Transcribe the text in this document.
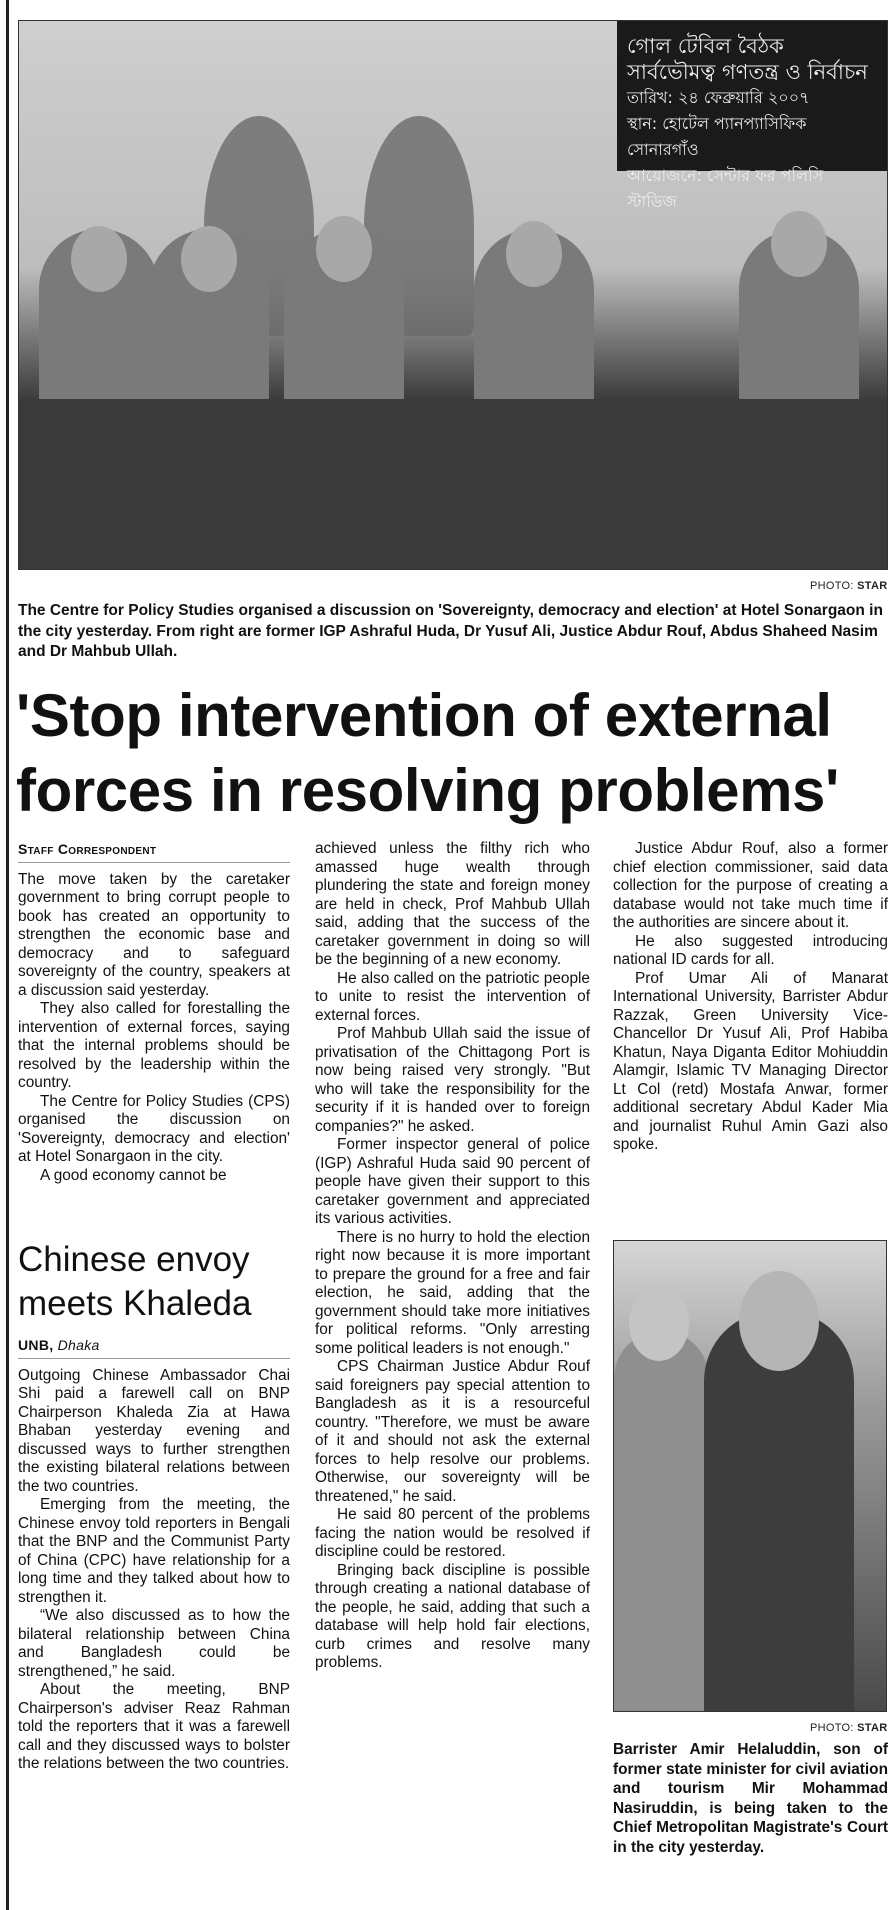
গোল টেবিল বৈঠক
সার্বভৌমত্ব গণতন্ত্র ও নির্বাচন
তারিখ: ২৪ ফেব্রুয়ারি ২০০৭
স্থান: হোটেল প্যানপ্যাসিফিক সোনারগাঁও
আয়োজনে: সেন্টার ফর পলিসি স্টাডিজ
PHOTO: STAR
The Centre for Policy Studies organised a discussion on 'Sovereignty, democracy and election' at Hotel Sonargaon in the city yesterday. From right are former IGP Ashraful Huda, Dr Yusuf Ali, Justice Abdur Rouf, Abdus Shaheed Nasim and Dr Mahbub Ullah.
'Stop intervention of external forces in resolving problems'

Staff Correspondent

The move taken by the caretaker government to bring corrupt people to book has created an opportunity to strengthen the economic base and democracy and to safeguard sovereignty of the country, speakers at a discussion said yesterday.

They also called for forestalling the intervention of external forces, saying that the internal problems should be resolved by the leadership within the country.

The Centre for Policy Studies (CPS) organised the discussion on 'Sovereignty, democracy and election' at Hotel Sonargaon in the city.

A good economy cannot be

achieved unless the filthy rich who amassed huge wealth through plundering the state and foreign money are held in check, Prof Mahbub Ullah said, adding that the success of the caretaker government in doing so will be the beginning of a new economy.

He also called on the patriotic people to unite to resist the intervention of external forces.

Prof Mahbub Ullah said the issue of privatisation of the Chittagong Port is now being raised very strongly. "But who will take the responsibility for the security if it is handed over to foreign companies?" he asked.

Former inspector general of police (IGP) Ashraful Huda said 90 percent of people have given their support to this caretaker government and appreciated its various activities.

There is no hurry to hold the election right now because it is more important to prepare the ground for a free and fair election, he said, adding that the government should take more initiatives for political reforms. "Only arresting some political leaders is not enough."

CPS Chairman Justice Abdur Rouf said foreigners pay special attention to Bangladesh as it is a resourceful country. "Therefore, we must be aware of it and should not ask the external forces to help resolve our problems. Otherwise, our sovereignty will be threatened," he said.

He said 80 percent of the problems facing the nation would be resolved if discipline could be restored.

Bringing back discipline is possible through creating a national database of the people, he said, adding that such a database will help hold fair elections, curb crimes and resolve many problems.

Justice Abdur Rouf, also a former chief election commissioner, said data collection for the purpose of creating a database would not take much time if the authorities are sincere about it.

He also suggested introducing national ID cards for all.

Prof Umar Ali of Manarat International University, Barrister Abdur Razzak, Green University Vice-Chancellor Dr Yusuf Ali, Prof Habiba Khatun, Naya Diganta Editor Mohiuddin Alamgir, Islamic TV Managing Director Lt Col (retd) Mostafa Anwar, former additional secretary Abdul Kader Mia and journalist Ruhul Amin Gazi also spoke.

Chinese envoy meets Khaleda

UNB, Dhaka

Outgoing Chinese Ambassador Chai Shi paid a farewell call on BNP Chairperson Khaleda Zia at Hawa Bhaban yesterday evening and discussed ways to further strengthen the existing bilateral relations between the two countries.

Emerging from the meeting, the Chinese envoy told reporters in Bengali that the BNP and the Communist Party of China (CPC) have relationship for a long time and they talked about how to strengthen it.

“We also discussed as to how the bilateral relationship between China and Bangladesh could be strengthened,” he said.

About the meeting, BNP Chairperson's adviser Reaz Rahman told the reporters that it was a farewell call and they discussed ways to bolster the relations between the two countries.

PHOTO: STAR
Barrister Amir Helaluddin, son of former state minister for civil aviation and tourism Mir Mohammad Nasiruddin, is being taken to the Chief Metropolitan Magistrate's Court in the city yesterday.
